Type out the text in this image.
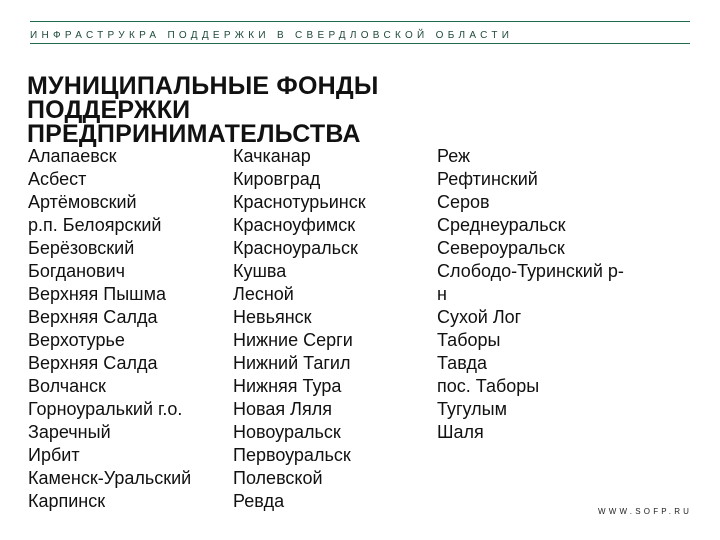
ИНФРАСТРУКРА ПОДДЕРЖКИ В СВЕРДЛОВСКОЙ ОБЛАСТИ
МУНИЦИПАЛЬНЫЕ ФОНДЫ
ПОДДЕРЖКИ
ПРЕДПРИНИМАТЕЛЬСТВА
Алапаевск
Асбест
Артёмовский
р.п. Белоярский
Берёзовский
Богданович
Верхняя Пышма
Верхняя Салда
Верхотурье
Верхняя Салда
Волчанск
Горноуралький г.о.
Заречный
Ирбит
Каменск-Уральский
Карпинск
Качканар
Кировград
Краснотурьинск
Красноуфимск
Красноуральск
Кушва
Лесной
Невьянск
Нижние Серги
Нижний Тагил
Нижняя Тура
Новая Ляля
Новоуральск
Первоуральск
Полевской
Ревда
Реж
Рефтинский
Серов
Среднеуральск
Североуральск
Слободо-Туринский р-
н
Сухой Лог
Таборы
Тавда
пос. Таборы
Тугулым
Шаля
WWW.SOFP.RU
